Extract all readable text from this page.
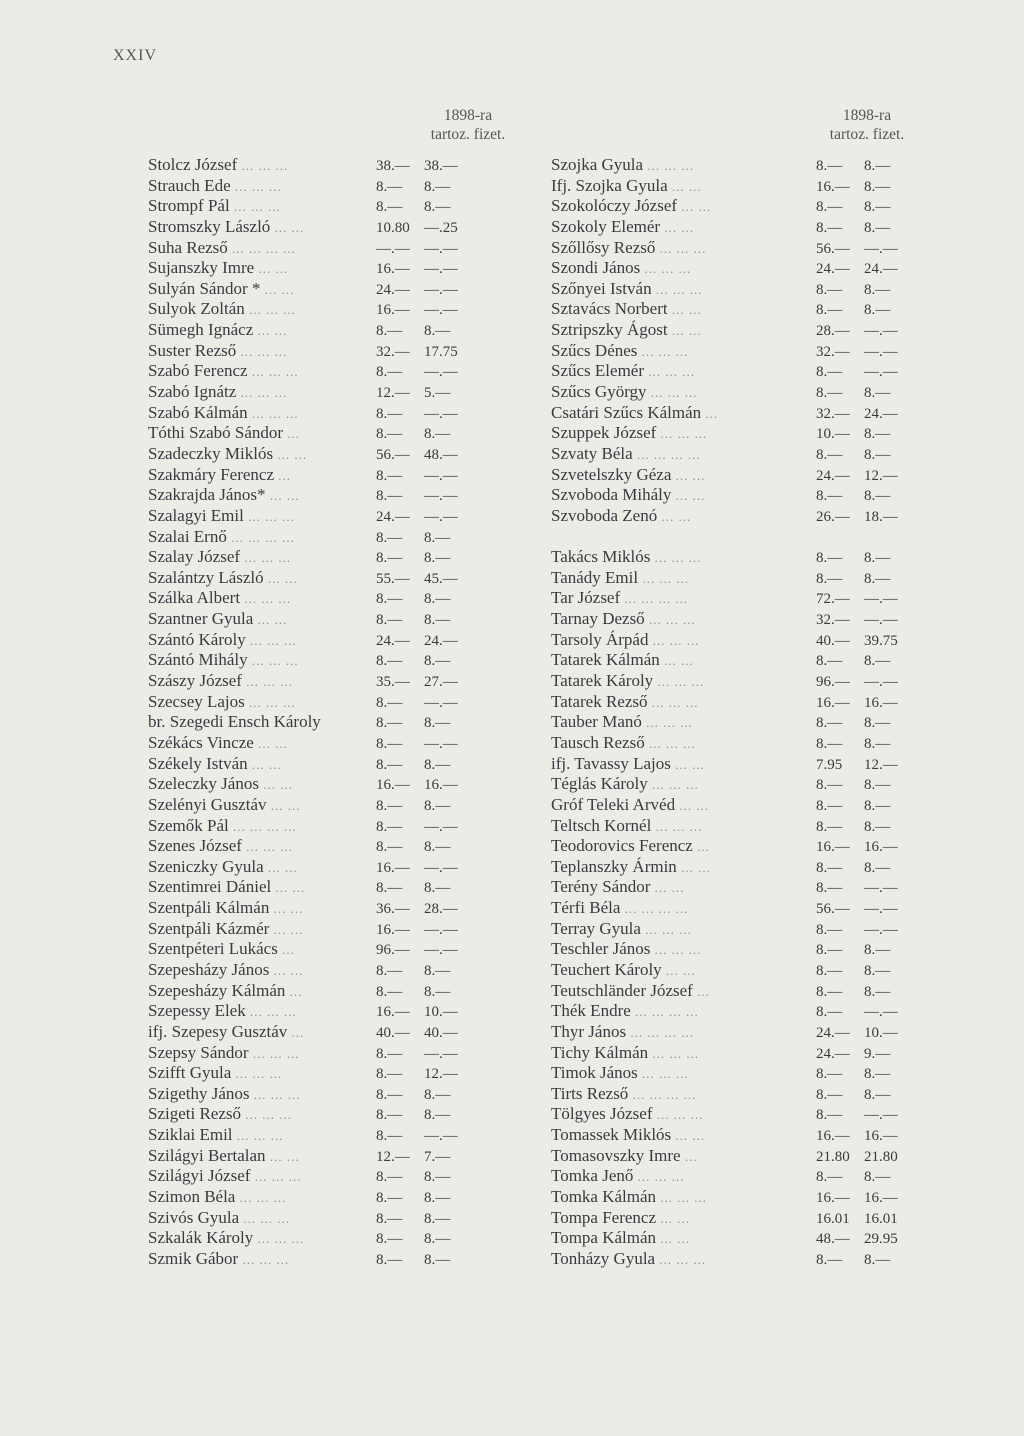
XXIV
1898-ra
tartoz. fizet.
1898-ra
tartoz. fizet.
Stolcz József ... ... ...	38.— 38.—
Strauch Ede ... ... ...	8.—	8.—
Strompf Pál ... ... ...	8.—	8.—
Stromszky László ... ...	10.80 —.25
Suha Rezső ... ... ... ...	—.— —.—
Sujanszky Imre ... ...	16.— —.—
Sulyán Sándor * ... ...	24.— —.—
Sulyok Zoltán ... ... ...	16.— —.—
Sümegh Ignácz ... ...	8.—	8.—
Suster Rezső ... ... ...	32.— 17.75
Szabó Ferencz ... ... ...	8.—	—.—
Szabó Ignátz ... ... ...	12.— 5.—
Szabó Kálmán ... ... ...	8.—	—.—
Tóthi Szabó Sándor ...	8.—	8.—
Szadeczky Miklós ... ...	56.— 48.—
Szakmáry Ferencz ...	8.—	—.—
Szakrajda János* ... ...	8.—	—.—
Szalagyi Emil ... ... ...	24.— —.—
Szalai Ernő ... ... ... ...	8.—	8.—
Szalay József ... ... ...	8.—	8.—
Szalántzy László ... ...	55.— 45.—
Szálka Albert ... ... ...	8.—	8.—
Szantner Gyula ... ...	8.—	8.—
Szántó Károly ... ... ...	24.— 24.—
Szántó Mihály ... ... ...	8.—	8.—
Szászy József ... ... ...	35.— 27.—
Szecsey Lajos ... ... ...	8.—	—.—
br. Szegedi Ensch Károly	8.—	8.—
Székács Vincze ... ...	8.—	—.—
Székely István ... ...	8.—	8.—
Szeleczky János ... ...	16.— 16.—
Szelényi Gusztáv ... ...	8.—	8.—
Szemők Pál ... ... ... ...	8.—	—.—
Szenes József ... ... ...	8.—	8.—
Szeniczky Gyula ... ...	16.— —.—
Szentimrei Dániel ... ...	8.—	8.—
Szentpáli Kálmán ... ...	36.— 28.—
Szentpáli Kázmér ... ...	16.— —.—
Szentpéteri Lukács ...	96.— —.—
Szepesházy János ... ...	8.—	8.—
Szepesházy Kálmán ...	8.—	8.—
Szepessy Elek ... ... ...	16.— 10.—
ifj. Szepesy Gusztáv ...	40.— 40.—
Szepsy Sándor ... ... ...	8.—	—.—
Szifft Gyula ... ... ...	8.—	12.—
Szigethy János ... ... ...	8.—	8.—
Szigeti Rezső ... ... ...	8.—	8.—
Sziklai Emil ... ... ...	8.—	—.—
Szilágyi Bertalan ... ...	12.— 7.—
Szilágyi József ... ... ...	8.—	8.—
Szimon Béla ... ... ...	8.—	8.—
Szivós Gyula ... ... ...	8.—	8.—
Szkalák Károly ... ... ...	8.—	8.—
Szmik Gábor ... ... ...	8.—	8.—
Szojka Gyula ... ... ...	8.—	8.—
Ifj. Szojka Gyula ... ...	16.— 8.—
Szokolóczy József ... ...	8.—	8.—
Szokoly Elemér ... ...	8.—	8.—
Szőllősy Rezső ... ... ...	56.— —.—
Szondi János ... ... ...	24.— 24.—
Szőnyei István ... ... ...	8.—	8.—
Sztavács Norbert ... ...	8.—	8.—
Sztripszky Ágost ... ...	28.— —.—
Szűcs Dénes ... ... ...	32.— —.—
Szűcs Elemér ... ... ...	8.—	—.—
Szűcs György ... ... ...	8.—	8.—
Csatári Szűcs Kálmán ...	32.— 24.—
Szuppek József ... ... ...	10.— 8.—
Szvaty Béla ... ... ... ...	8.—	8.—
Szvetelszky Géza ... ...	24.— 12.—
Szvoboda Mihály ... ...	8.—	8.—
Szvoboda Zenó ... ...	26.— 18.—
Takács Miklós ... ... ...	8.—	8.—
Tanády Emil ... ... ...	8.—	8.—
Tar József ... ... ... ...	72.— —.—
Tarnay Dezső ... ... ...	32.— —.—
Tarsoly Árpád ... ... ...	40.— 39.75
Tatarek Kálmán ... ...	8.—	8.—
Tatarek Károly ... ... ...	96.— —.—
Tatarek Rezső ... ... ...	16.— 16.—
Tauber Manó ... ... ...	8.—	8.—
Tausch Rezső ... ... ...	8.—	8.—
ifj. Tavassy Lajos ... ...	7.95	12.—
Téglás Károly ... ... ...	8.—	8.—
Gróf Teleki Arvéd ... ...	8.—	8.—
Teltsch Kornél ... ... ...	8.—	8.—
Teodorovics Ferencz ...	16.— 16.—
Teplanszky Ármin ... ...	8.—	8.—
Terény Sándor ... ...	8.—	—.—
Térfi Béla ... ... ... ...	56.— —.—
Terray Gyula ... ... ...	8.—	—.—
Teschler János ... ... ...	8.—	8.—
Teuchert Károly ... ...	8.—	8.—
Teutschländer József ...	8.—	8.—
Thék Endre ... ... ... ...	8.—	—.—
Thyr János ... ... ... ...	24.— 10.—
Tichy Kálmán ... ... ...	24.— 9.—
Timok János ... ... ...	8.—	8.—
Tirts Rezső ... ... ... ...	8.—	8.—
Tölgyes József ... ... ...	8.—	—.—
Tomassek Miklós ... ...	16.— 16.—
Tomasovszky Imre ...	21.80 21.80
Tomka Jenő ... ... ...	8.—	8.—
Tomka Kálmán ... ... ...	16.— 16.—
Tompa Ferencz ... ...	16.01 16.01
Tompa Kálmán ... ...	48.— 29.95
Tonházy Gyula ... ... ...	8.—	8.—
